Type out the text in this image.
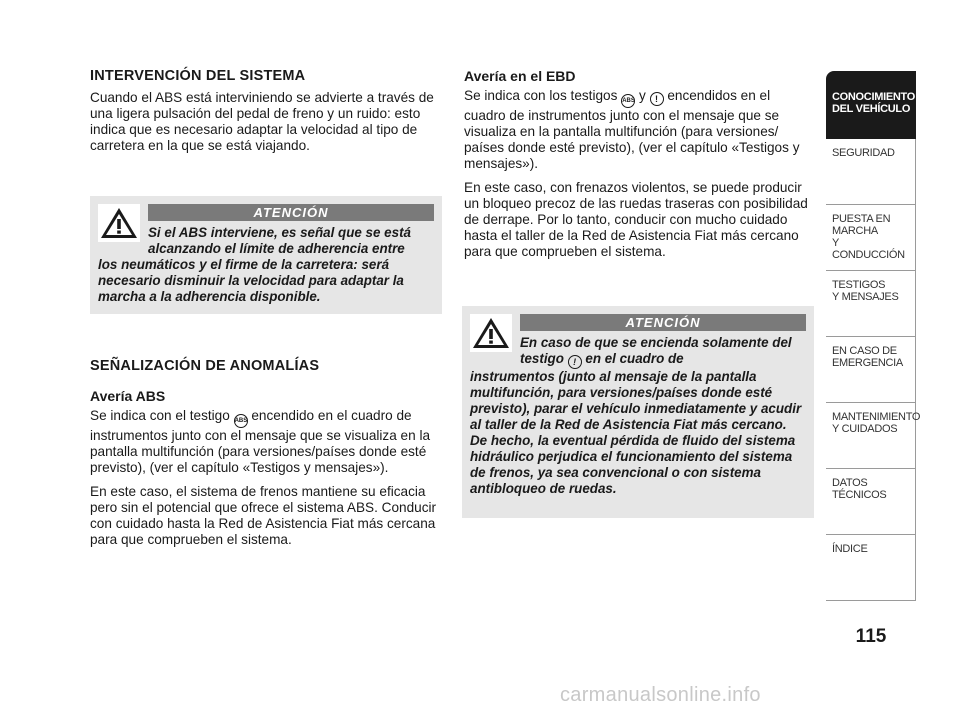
INTERVENCIÓN DEL SISTEMA

Cuando el ABS está interviniendo se advierte a través de una ligera pulsación del pedal de freno y un ruido: esto indica que es necesario adaptar la velocidad al tipo de carretera en la que se está viajando.

ATENCIÓN
Si el ABS interviene, es señal que se está alcanzando el límite de adherencia entre
los neumáticos y el firme de la carretera: será necesario disminuir la velocidad para adaptar la marcha a la adherencia disponible.
SEÑALIZACIÓN DE ANOMALÍAS
Avería ABS

Se indica con el testigo ABS encendido en el cuadro de instrumentos junto con el mensaje que se visualiza en la pantalla multifunción (para versiones/países donde esté previsto), (ver el capítulo «Testigos y mensajes»).

En este caso, el sistema de frenos mantiene su eficacia pero sin el potencial que ofrece el sistema ABS. Conducir con cuidado hasta la Red de Asistencia Fiat más cercana para que comprueben el sistema.

Avería en el EBD

Se indica con los testigos ABS y ! encendidos en el cuadro de instrumentos junto con el mensaje que se visualiza en la pantalla multifunción (para versiones/ países donde esté previsto), (ver el capítulo «Testigos y mensajes»).

En este caso, con frenazos violentos, se puede producir un bloqueo precoz de las ruedas traseras con posibilidad de derrape. Por lo tanto, conducir con mucho cuidado hasta el taller de la Red de Asistencia Fiat más cercano para que comprueben el sistema.

ATENCIÓN
En caso de que se encienda solamente del testigo ! en el cuadro de
instrumentos (junto al mensaje de la pantalla multifunción, para versiones/países donde esté previsto), parar el vehículo inmediatamente y acudir al taller de la Red de Asistencia Fiat más cercano. De hecho, la eventual pérdida de fluido del sistema hidráulico perjudica el funcionamiento del sistema de frenos, ya sea convencional o con sistema antibloqueo de ruedas.
CONOCIMIENTO
DEL VEHÍCULO
SEGURIDAD
PUESTA EN
MARCHA
Y CONDUCCIÓN
TESTIGOS
Y MENSAJES
EN CASO DE
EMERGENCIA
MANTENIMIENTO
Y CUIDADOS
DATOS
TÉCNICOS
ÍNDICE
115
carmanualsonline.info
